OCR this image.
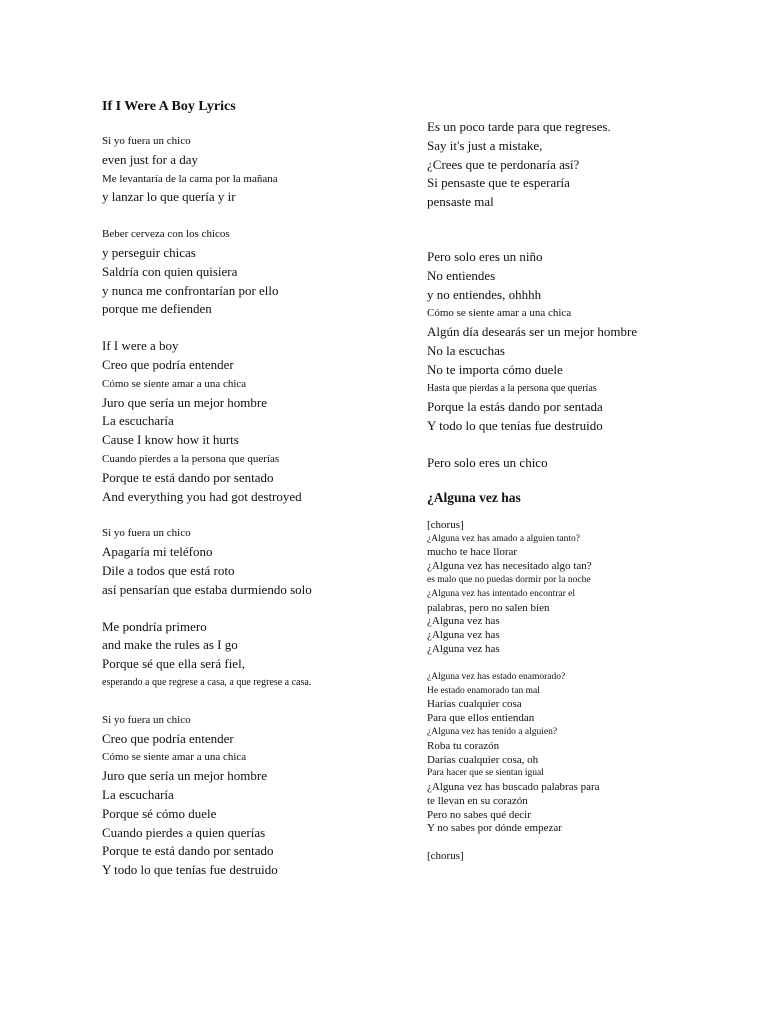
If I Were A Boy Lyrics
Si yo fuera un chico
even just for a day
Me levantaría de la cama por la mañana
y lanzar lo que quería y ir
Beber cerveza con los chicos
y perseguir chicas
Saldría con quien quisiera
y nunca me confrontarían por ello
porque me defienden
If I were a boy
Creo que podría entender
Cómo se siente amar a una chica
Juro que sería un mejor hombre
La escucharía
Cause I know how it hurts
Cuando pierdes a la persona que querías
Porque te está dando por sentado
And everything you had got destroyed
Si yo fuera un chico
Apagaría mi teléfono
Dile a todos que está roto
así pensarían que estaba durmiendo solo
Me pondría primero
and make the rules as I go
Porque sé que ella será fiel,
esperando a que regrese a casa, a que regrese a casa.
Si yo fuera un chico
Creo que podría entender
Cómo se siente amar a una chica
Juro que sería un mejor hombre
La escucharía
Porque sé cómo duele
Cuando pierdes a quien querías
Porque te está dando por sentado
Y todo lo que tenías fue destruido
Es un poco tarde para que regreses.
Say it's just a mistake,
¿Crees que te perdonaría así?
Si pensaste que te esperaría
pensaste mal
Pero solo eres un niño
No entiendes
y no entiendes, ohhhh
Cómo se siente amar a una chica
Algún día desearás ser un mejor hombre
No la escuchas
No te importa cómo duele
Hasta que pierdas a la persona que querías
Porque la estás dando por sentada
Y todo lo que tenías fue destruido
Pero solo eres un chico
¿Alguna vez has
[chorus]
¿Alguna vez has amado a alguien tanto?
mucho te hace llorar
¿Alguna vez has necesitado algo tan?
es malo que no puedas dormir por la noche
¿Alguna vez has intentado encontrar el
palabras, pero no salen bien
¿Alguna vez has
¿Alguna vez has
¿Alguna vez has
¿Alguna vez has estado enamorado?
He estado enamorado tan mal
Harías cualquier cosa
Para que ellos entiendan
¿Alguna vez has tenido a alguien?
Roba tu corazón
Darías cualquier cosa, oh
Para hacer que se sientan igual
¿Alguna vez has buscado palabras para
te llevan en su corazón
Pero no sabes qué decir
Y no sabes por dónde empezar
[chorus]
